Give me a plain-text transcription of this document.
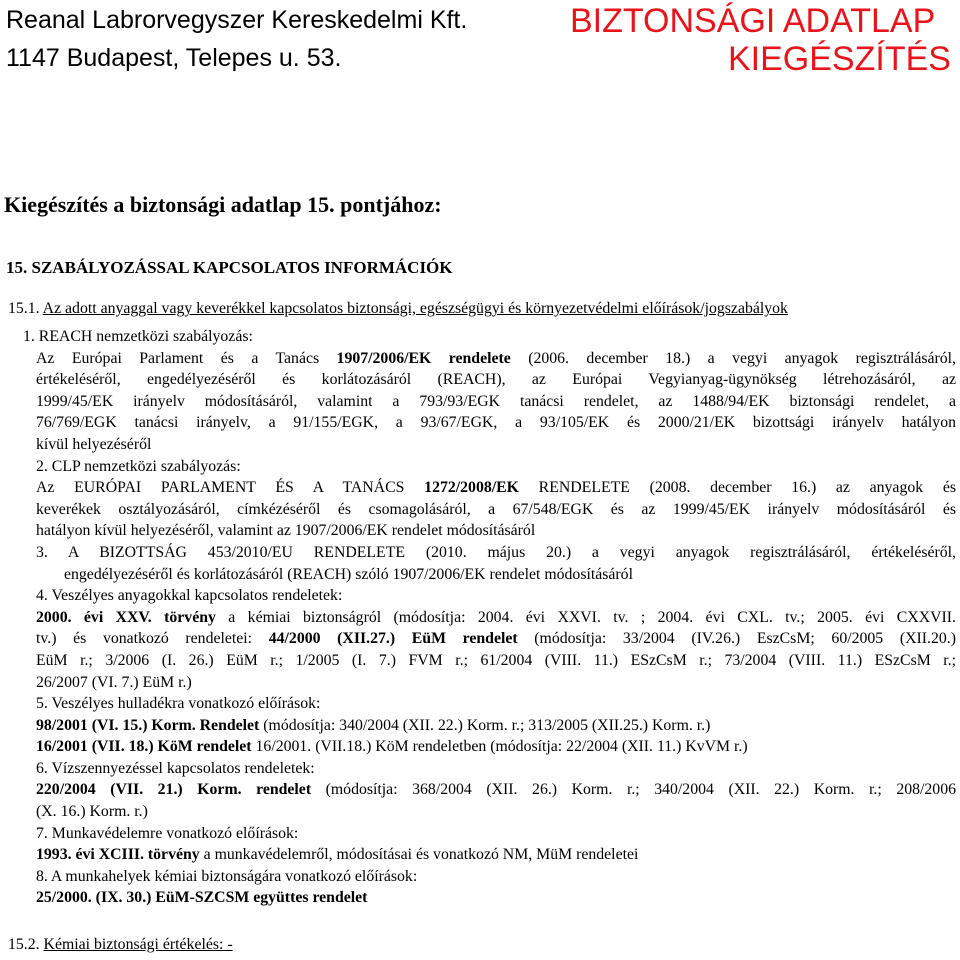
Reanal Labrorvegyszer Kereskedelmi Kft.
1147 Budapest, Telepes u. 53.
BIZTONSÁGI ADATLAP
KIEGÉSZÍTÉS
Kiegészítés a biztonsági adatlap 15. pontjához:
15. SZABÁLYOZÁSSAL KAPCSOLATOS INFORMÁCIÓK
15.1. Az adott anyaggal vagy keverékkel kapcsolatos biztonsági, egészségügyi és környezetvédelmi előírások/jogszabályok
1. REACH nemzetközi szabályozás:
Az Európai Parlament és a Tanács 1907/2006/EK rendelete (2006. december 18.) a vegyi anyagok regisztrálásáról,
értékeléséről, engedélyezéséről és korlátozásáról (REACH), az Európai Vegyianyag-ügynökség létrehozásáról, az
1999/45/EK irányelv módosításáról, valamint a 793/93/EGK tanácsi rendelet, az 1488/94/EK biztonsági rendelet, a
76/769/EGK tanácsi irányelv, a 91/155/EGK, a 93/67/EGK, a 93/105/EK és 2000/21/EK bizottsági irányelv hatályon
kívül helyezéséről
2. CLP nemzetközi szabályozás:
Az EURÓPAI PARLAMENT ÉS A TANÁCS 1272/2008/EK RENDELETE (2008. december 16.) az anyagok és
keverékek osztályozásáról, címkézéséről és csomagolásáról, a 67/548/EGK és az 1999/45/EK irányelv módosításáról és
hatályon kívül helyezéséről, valamint az 1907/2006/EK rendelet módosításáról
3. A BIZOTTSÁG 453/2010/EU RENDELETE (2010. május 20.) a vegyi anyagok regisztrálásáról, értékeléséről,
engedélyezéséről és korlátozásáról (REACH) szóló 1907/2006/EK rendelet módosításáról
4. Veszélyes anyagokkal kapcsolatos rendeletek:
2000. évi XXV. törvény a kémiai biztonságról (módosítja: 2004. évi XXVI. tv. ; 2004. évi CXL. tv.; 2005. évi CXXVII.
tv.) és vonatkozó rendeletei: 44/2000 (XII.27.) EüM rendelet (módosítja: 33/2004 (IV.26.) EszCsM; 60/2005 (XII.20.)
EüM r.; 3/2006 (I. 26.) EüM r.; 1/2005 (I. 7.) FVM r.; 61/2004 (VIII. 11.) ESzCsM r.; 73/2004 (VIII. 11.) ESzCsM r.;
26/2007 (VI. 7.) EüM r.)
5. Veszélyes hulladékra vonatkozó előírások:
98/2001 (VI. 15.) Korm. Rendelet (módosítja: 340/2004 (XII. 22.) Korm. r.; 313/2005 (XII.25.) Korm. r.)
16/2001 (VII. 18.) KöM rendelet 16/2001. (VII.18.) KöM rendeletben (módosítja: 22/2004 (XII. 11.) KvVM r.)
6. Vízszennyezéssel kapcsolatos rendeletek:
220/2004 (VII. 21.) Korm. rendelet (módosítja: 368/2004 (XII. 26.) Korm. r.; 340/2004 (XII. 22.) Korm. r.; 208/2006
(X. 16.) Korm. r.)
7. Munkavédelemre vonatkozó előírások:
1993. évi XCIII. törvény a munkavédelemről, módosításai és vonatkozó NM, MüM rendeletei
8. A munkahelyek kémiai biztonságára vonatkozó előírások:
25/2000. (IX. 30.) EüM-SZCSM együttes rendelet
15.2. Kémiai biztonsági értékelés: -
